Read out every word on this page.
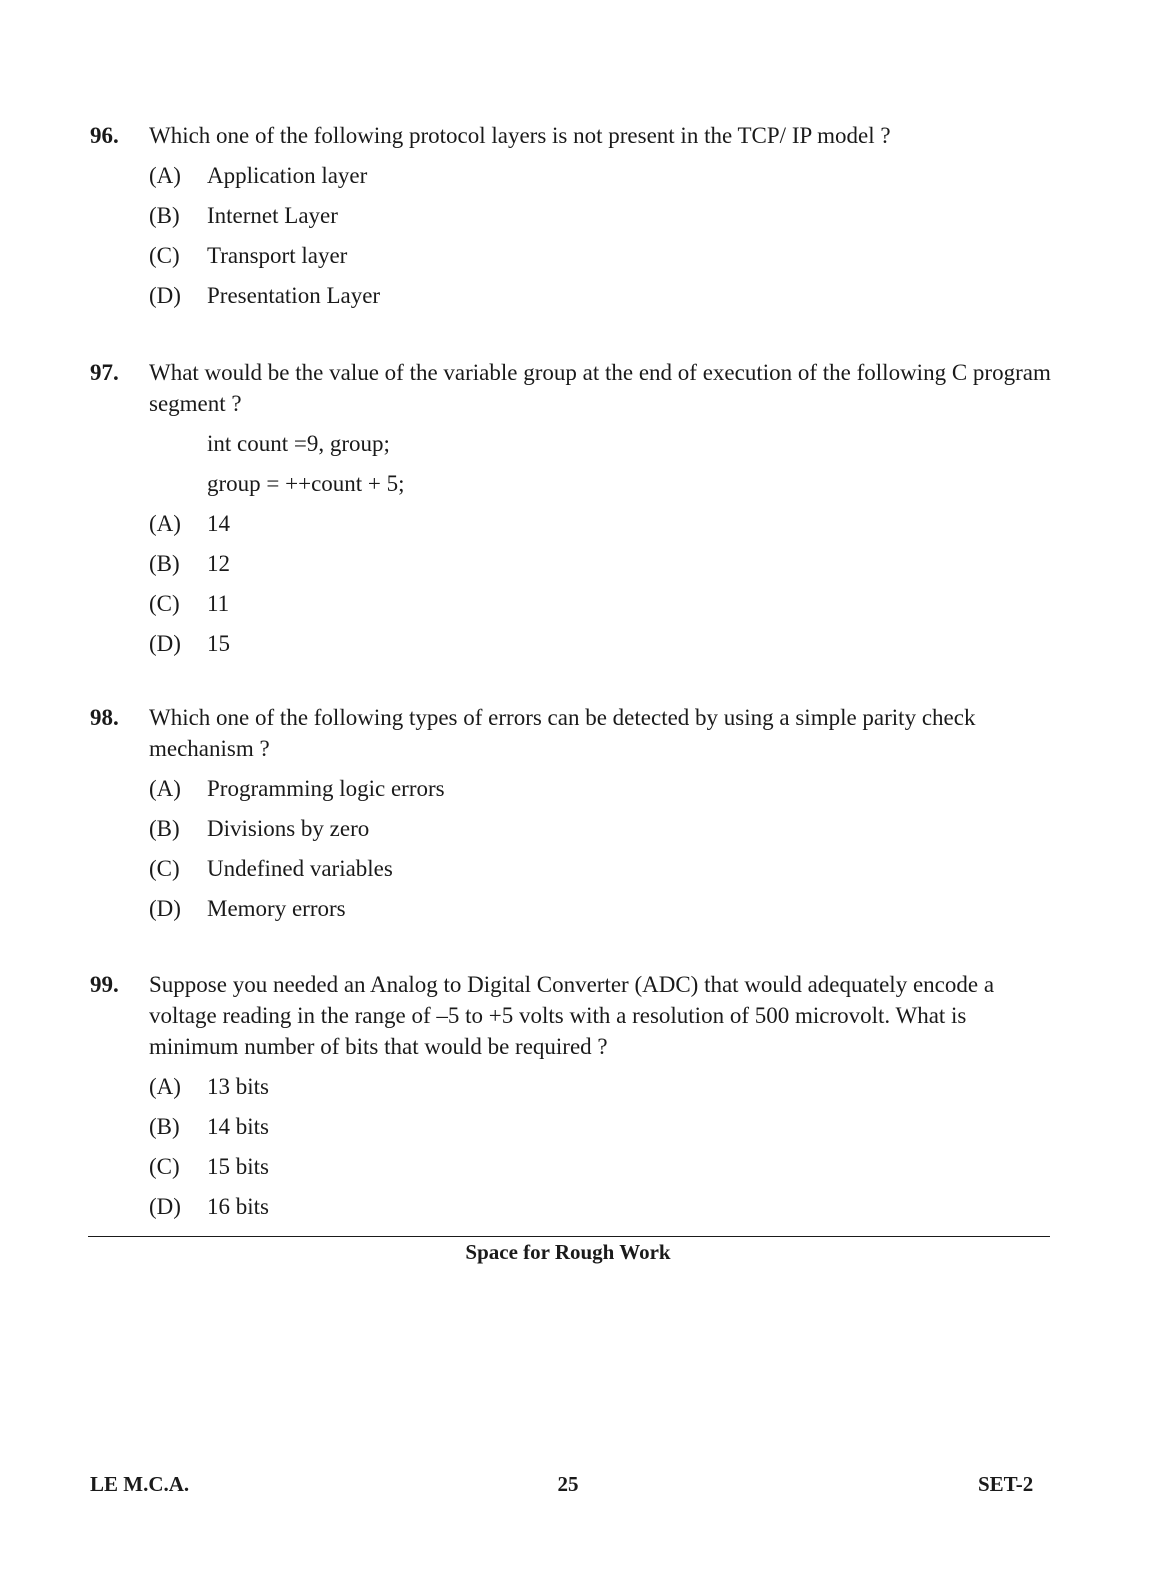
96. Which one of the following protocol layers is not present in the TCP/ IP model ?
(A) Application layer
(B) Internet Layer
(C) Transport layer
(D) Presentation Layer
97. What would be the value of the variable group at the end of execution of the following C program segment ?
int count =9, group;
group = ++count + 5;
(A) 14
(B) 12
(C) 11
(D) 15
98. Which one of the following types of errors can be detected by using a simple parity check mechanism ?
(A) Programming logic errors
(B) Divisions by zero
(C) Undefined variables
(D) Memory errors
99. Suppose you needed an Analog to Digital Converter (ADC) that would adequately encode a voltage reading in the range of –5 to +5 volts with a resolution of 500 microvolt. What is minimum number of bits that would be required ?
(A) 13 bits
(B) 14 bits
(C) 15 bits
(D) 16 bits
Space for Rough Work
LE M.C.A.	25	SET-2
